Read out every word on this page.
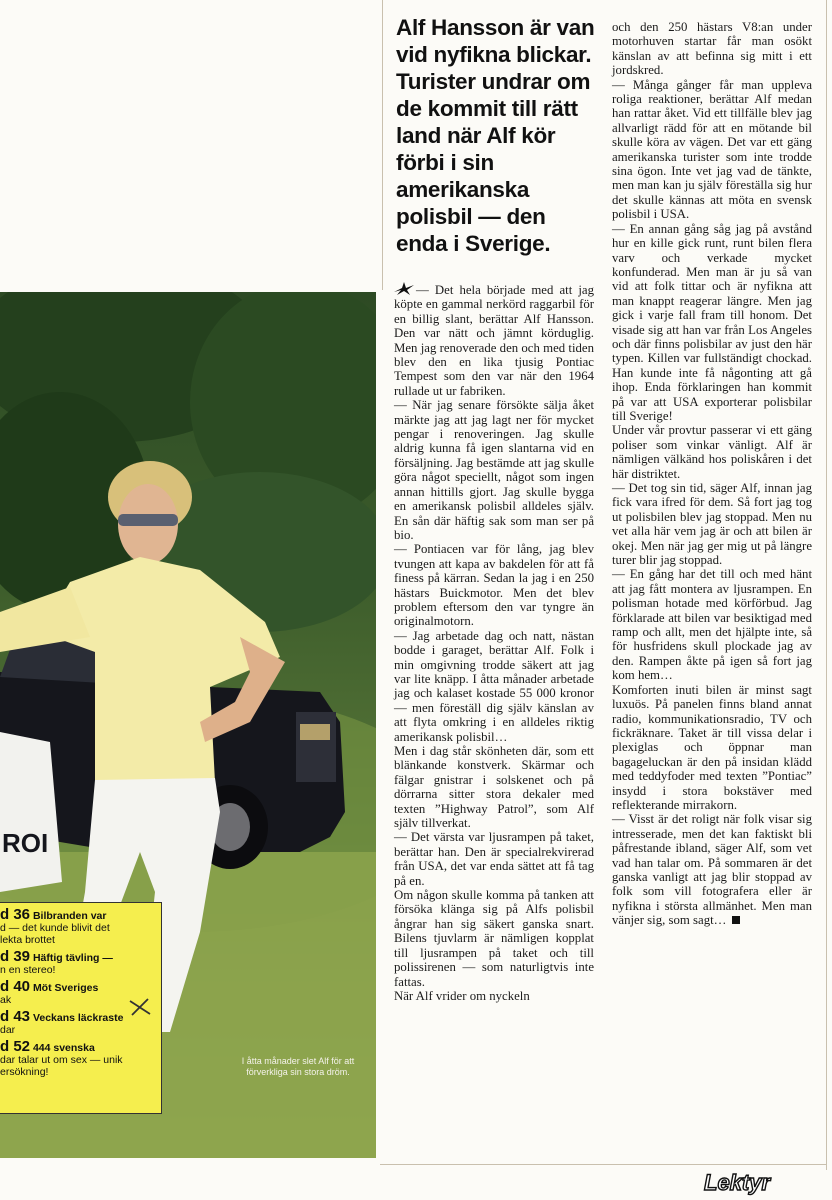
Alf Hansson är van vid nyfikna blickar. Turister undrar om de kommit till rätt land när Alf kör förbi i sin amerikanska polisbil — den enda i Sverige.

— Det hela började med att jag köpte en gammal nerkörd raggarbil för en billig slant, berättar Alf Hansson. Den var nätt och jämnt körduglig. Men jag renoverade den och med tiden blev den en lika tjusig Pontiac Tempest som den var när den 1964 rullade ut ur fabriken.

— När jag senare försökte sälja åket märkte jag att jag lagt ner för mycket pengar i renoveringen. Jag skulle aldrig kunna få igen slantarna vid en försäljning. Jag bestämde att jag skulle göra något speciellt, något som ingen annan hittills gjort. Jag skulle bygga en amerikansk polisbil alldeles själv. En sån där häftig sak som man ser på bio.

— Pontiacen var för lång, jag blev tvungen att kapa av bakdelen för att få finess på kärran. Sedan la jag i en 250 hästars Buickmotor. Men det blev problem eftersom den var tyngre än originalmotorn.

— Jag arbetade dag och natt, nästan bodde i garaget, berättar Alf. Folk i min omgivning trodde säkert att jag var lite knäpp. I åtta månader arbetade jag och kalaset kostade 55 000 kronor — men föreställ dig själv känslan av att flyta omkring i en alldeles riktig amerikansk polisbil…

Men i dag står skönheten där, som ett blänkande konstverk. Skärmar och fälgar gnistrar i solskenet och på dörrarna sitter stora dekaler med texten ”Highway Patrol”, som Alf själv tillverkat.

— Det värsta var ljusrampen på taket, berättar han. Den är specialrekvirerad från USA, det var enda sättet att få tag på en.

Om någon skulle komma på tanken att försöka klänga sig på Alfs polisbil ångrar han sig säkert ganska snart. Bilens tjuvlarm är nämligen kopplat till ljusrampen på taket och till polissirenen — som naturligtvis inte fattas.

När Alf vrider om nyckeln

och den 250 hästars V8:an under motorhuven startar får man osökt känslan av att befinna sig mitt i ett jordskred.

— Många gånger får man uppleva roliga reaktioner, berättar Alf medan han rattar åket. Vid ett tillfälle blev jag allvarligt rädd för att en mötande bil skulle köra av vägen. Det var ett gäng amerikanska turister som inte trodde sina ögon. Inte vet jag vad de tänkte, men man kan ju själv föreställa sig hur det skulle kännas att möta en svensk polisbil i USA.

— En annan gång såg jag på avstånd hur en kille gick runt, runt bilen flera varv och verkade mycket konfunderad. Men man är ju så van vid att folk tittar och är nyfikna att man knappt reagerar längre. Men jag gick i varje fall fram till honom. Det visade sig att han var från Los Angeles och där finns polisbilar av just den här typen. Killen var fullständigt chockad. Han kunde inte få någonting att gå ihop. Enda förklaringen han kommit på var att USA exporterar polisbilar till Sverige!

Under vår provtur passerar vi ett gäng poliser som vinkar vänligt. Alf är nämligen välkänd hos poliskåren i det här distriktet.

— Det tog sin tid, säger Alf, innan jag fick vara ifred för dem. Så fort jag tog ut polisbilen blev jag stoppad. Men nu vet alla här vem jag är och att bilen är okej. Men när jag ger mig ut på längre turer blir jag stoppad.

— En gång har det till och med hänt att jag fått montera av ljusrampen. En polisman hotade med körförbud. Jag förklarade att bilen var besiktigad med ramp och allt, men det hjälpte inte, så för husfridens skull plockade jag av den. Rampen åkte på igen så fort jag kom hem…

Komforten inuti bilen är minst sagt luxuös. På panelen finns bland annat radio, kommunikationsradio, TV och fickräknare. Taket är till vissa delar i plexiglas och öppnar man bagageluckan är den på insidan klädd med teddyfoder med texten ”Pontiac” insydd i stora bokstäver med reflekterande mirrakorn.

— Visst är det roligt när folk visar sig intresserade, men det kan faktiskt bli påfrestande ibland, säger Alf, som vet vad han talar om. På sommaren är det ganska vanligt att jag blir stoppad av folk som vill fotografera eller är nyfikna i största allmänhet. Men man vänjer sig, som sagt…

ROI

I åtta månader slet Alf för att förverkliga sin stora dröm.

d 36 Bilbranden var
d — det kunde blivit det
lekta brottet
d 39 Häftig tävling —
n en stereo!
d 40 Möt Sveriges
ak
d 43 Veckans läckraste
dar
d 52 444 svenska
dar talar ut om sex — unik
ersökning!
Lektyr
